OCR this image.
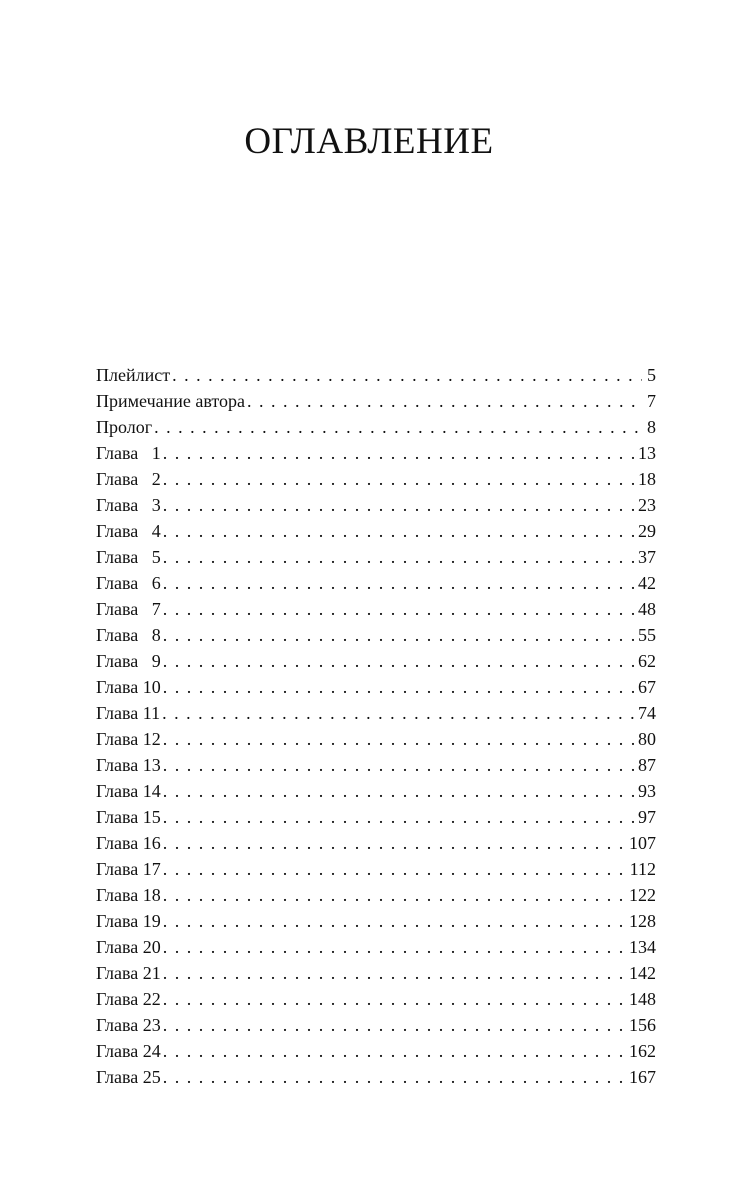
ОГЛАВЛЕНИЕ
Плейлист . . .	5
Примечание автора . . .	7
Пролог . . .	8
Глава   1 . . .	13
Глава   2 . . .	18
Глава   3 . . .	23
Глава   4 . . .	29
Глава   5 . . .	37
Глава   6 . . .	42
Глава   7 . . .	48
Глава   8 . . .	55
Глава   9 . . .	62
Глава 10 . . .	67
Глава 11 . . .	74
Глава 12 . . .	80
Глава 13 . . .	87
Глава 14 . . .	93
Глава 15 . . .	97
Глава 16 . . .	107
Глава 17 . . .	112
Глава 18 . . .	122
Глава 19 . . .	128
Глава 20 . . .	134
Глава 21 . . .	142
Глава 22 . . .	148
Глава 23 . . .	156
Глава 24 . . .	162
Глава 25 . . .	167
